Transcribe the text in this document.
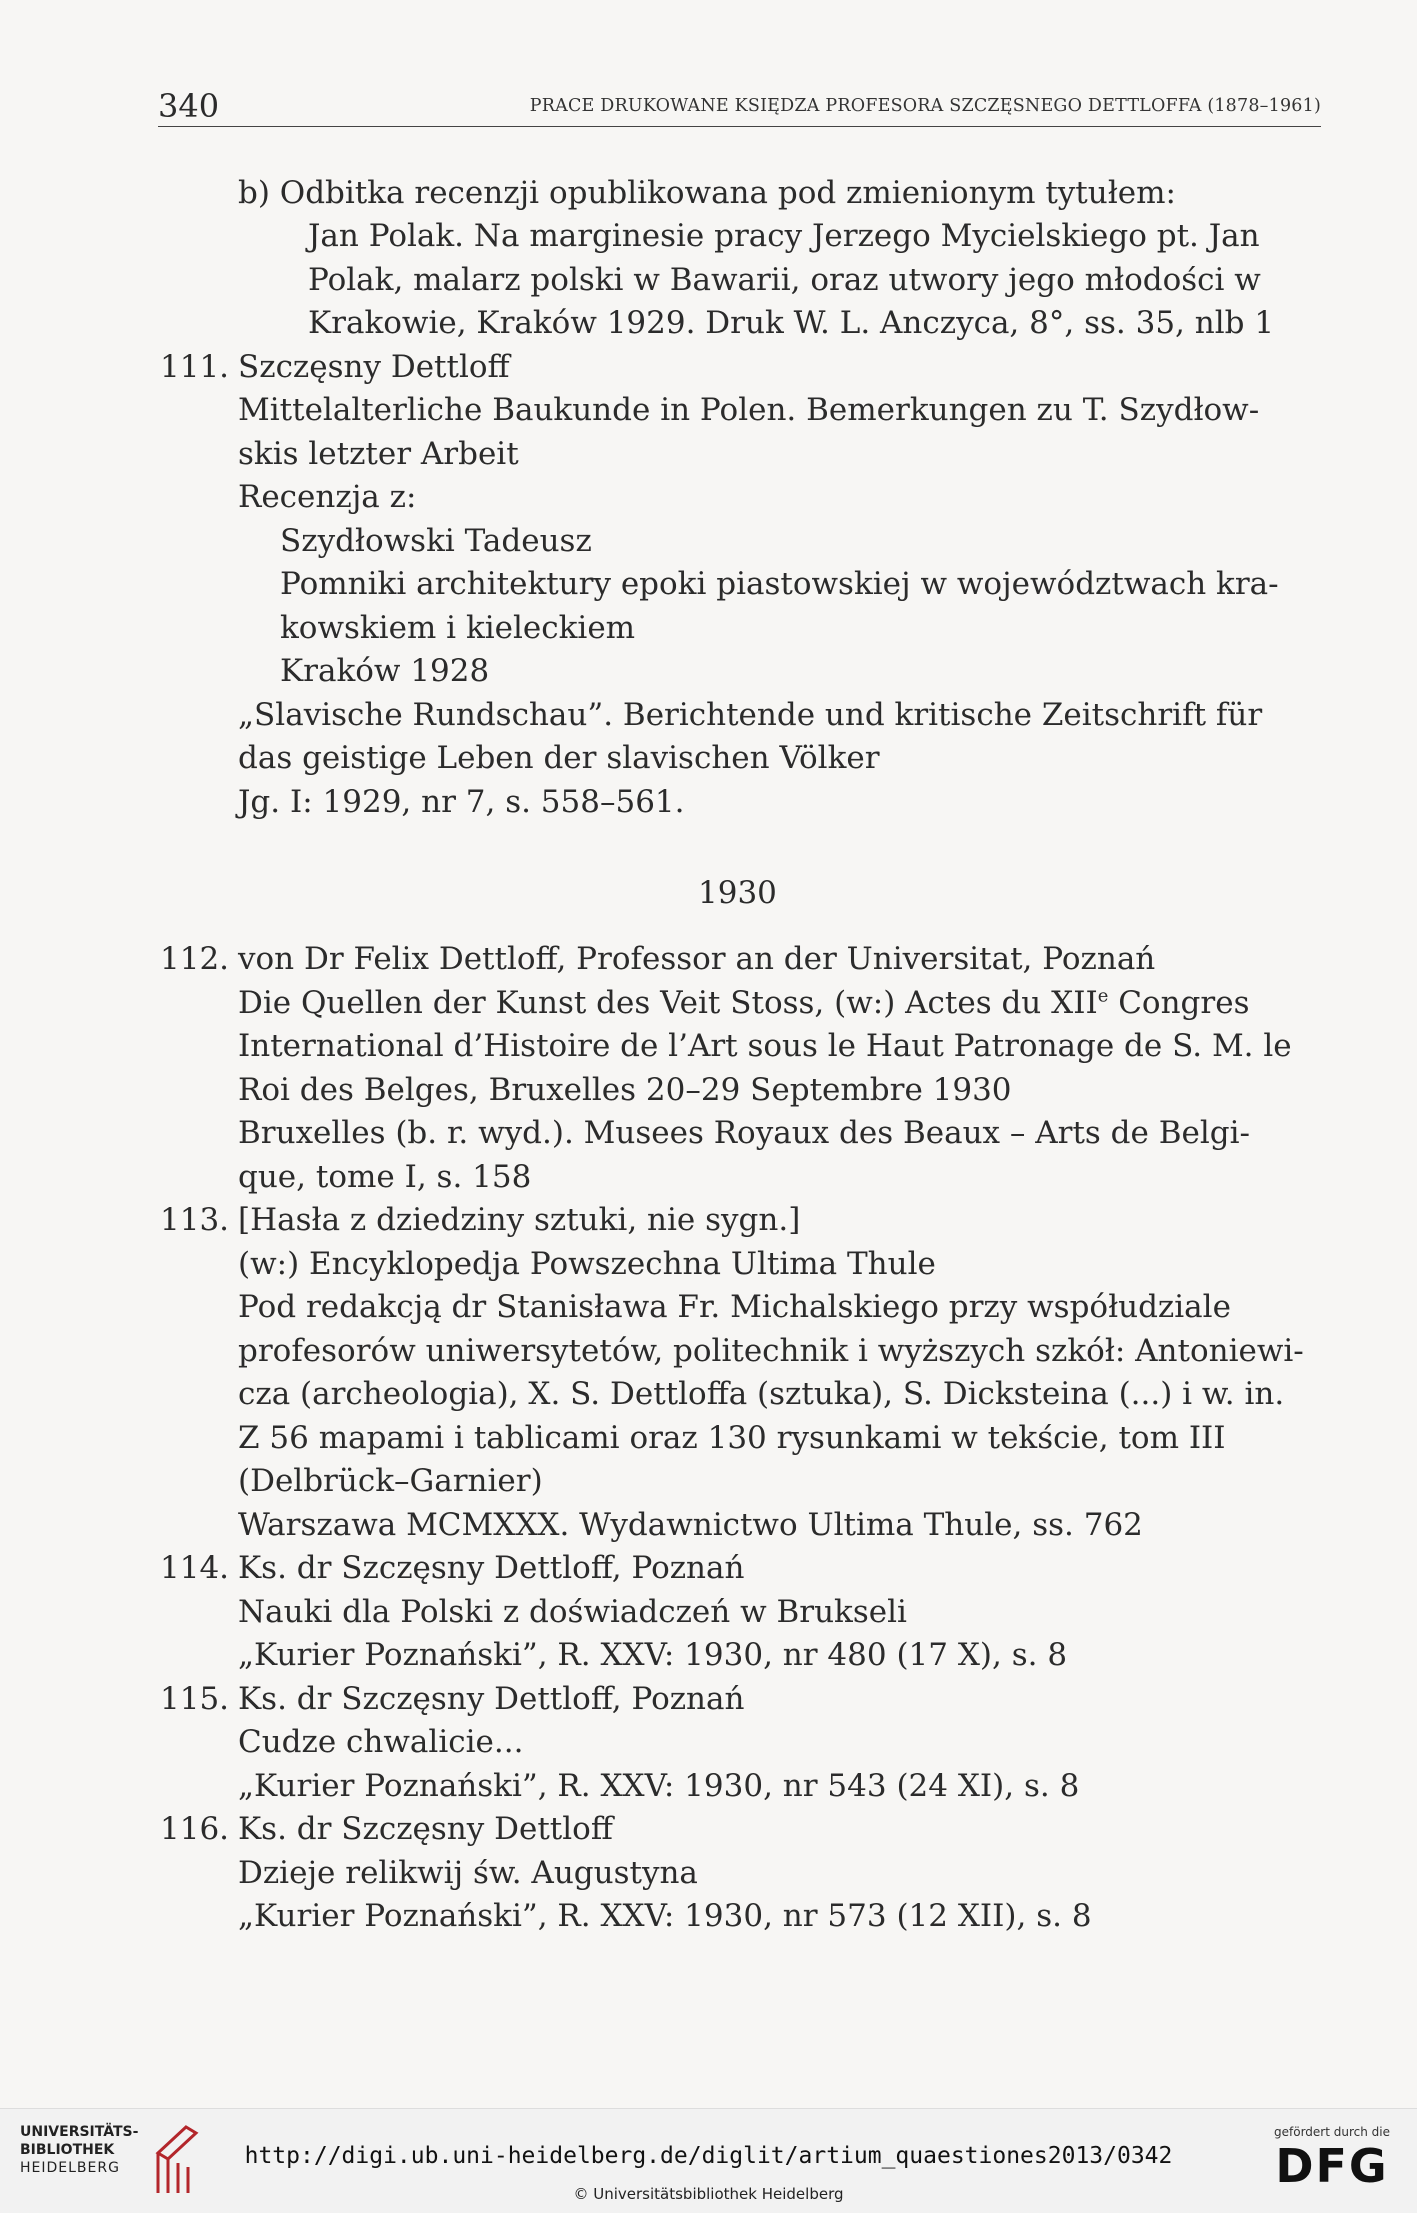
340	PRACE DRUKOWANE KSIĘDZA PROFESORA SZCZĘSNEGO DETTLOFFA (1878–1961)
b) Odbitka recenzji opublikowana pod zmienionym tytułem:
Jan Polak. Na marginesie pracy Jerzego Mycielskiego pt. Jan
Polak, malarz polski w Bawarii, oraz utwory jego młodości w
Krakowie, Kraków 1929. Druk W. L. Anczyca, 8°, ss. 35, nlb 1
111. Szczęsny Dettloff
Mittelalterliche Baukunde in Polen. Bemerkungen zu T. Szydłow-
skis letzter Arbeit
Recenzja z:
Szydłowski Tadeusz
Pomniki architektury epoki piastowskiej w województwach kra-
kowskiem i kieleckiem
Kraków 1928
„Slavische Rundschau”. Berichtende und kritische Zeitschrift für
das geistige Leben der slavischen Völker
Jg. I: 1929, nr 7, s. 558–561.
1930
112. von Dr Felix Dettloff, Professor an der Universitat, Poznań
Die Quellen der Kunst des Veit Stoss, (w:) Actes du XIIe Congres
International d’Histoire de l’Art sous le Haut Patronage de S. M. le
Roi des Belges, Bruxelles 20–29 Septembre 1930
Bruxelles (b. r. wyd.). Musees Royaux des Beaux – Arts de Belgi-
que, tome I, s. 158
113. [Hasła z dziedziny sztuki, nie sygn.]
(w:) Encyklopedja Powszechna Ultima Thule
Pod redakcją dr Stanisława Fr. Michalskiego przy współudziale
profesorów uniwersytetów, politechnik i wyższych szkół: Antoniewi-
cza (archeologia), X. S. Dettloffa (sztuka), S. Dicksteina (...) i w. in.
Z 56 mapami i tablicami oraz 130 rysunkami w tekście, tom III
(Delbrück–Garnier)
Warszawa MCMXXX. Wydawnictwo Ultima Thule, ss. 762
114. Ks. dr Szczęsny Dettloff, Poznań
Nauki dla Polski z doświadczeń w Brukseli
„Kurier Poznański”, R. XXV: 1930, nr 480 (17 X), s. 8
115. Ks. dr Szczęsny Dettloff, Poznań
Cudze chwalicie...
„Kurier Poznański”, R. XXV: 1930, nr 543 (24 XI), s. 8
116. Ks. dr Szczęsny Dettloff
Dzieje relikwij św. Augustyna
„Kurier Poznański”, R. XXV: 1930, nr 573 (12 XII), s. 8
UNIVERSITÄTS-
BIBLIOTHEK
HEIDELBERG	http://digi.ub.uni-heidelberg.de/diglit/artium_quaestiones2013/0342
© Universitätsbibliothek Heidelberg
gefördert durch die
DFG
